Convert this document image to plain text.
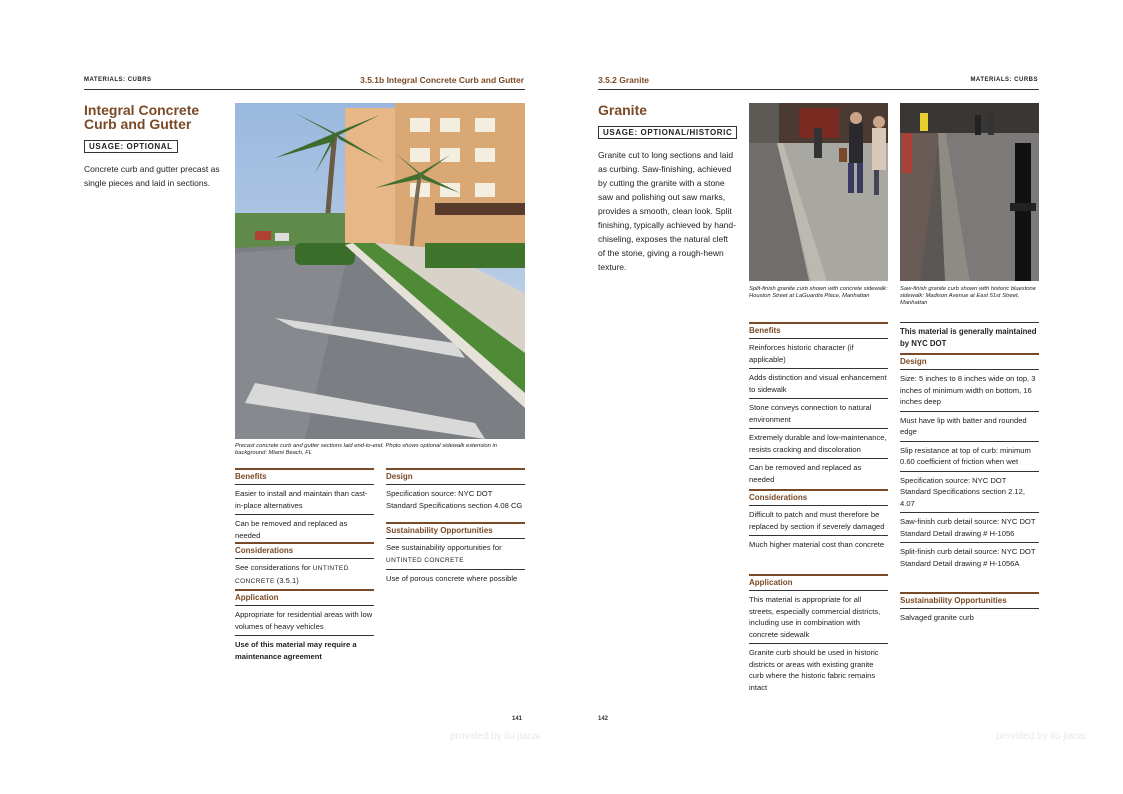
MATERIALS: CUBRS	3.5.1b Integral Concrete Curb and Gutter
Integral Concrete
Curb and Gutter
USAGE: OPTIONAL
Concrete curb and gutter precast as single pieces and laid in sections.
Precast concrete curb and gutter sections laid end-to-end. Photo shows optional sidewalk extension in background: Miami Beach, FL
Benefits
Easier to install and maintain than cast-in-place alternatives
Can be removed and replaced as needed
Considerations
See considerations for UNTINTED CONCRETE (3.5.1)
Application
Appropriate for residential areas with low volumes of heavy vehicles
Use of this material may require a maintenance agreement
Design
Specification source: NYC DOT Standard Specifications section 4.08 CG
Sustainability Opportunities
See sustainability opportunities for UNTINTED CONCRETE
Use of porous concrete where possible
141
provided by liu jiacai
3.5.2 Granite	MATERIALS: CURBS
Granite
USAGE: OPTIONAL/HISTORIC
Granite cut to long sections and laid as curbing. Saw-finishing, achieved by cutting the granite with a stone saw and polishing out saw marks, provides a smooth, clean look. Split finishing, typically achieved by hand-chiseling, exposes the natural cleft of the stone, giving a rough-hewn texture.
Split-finish granite curb shown with concrete sidewalk: Houston Street at LaGuardia Place, Manhattan
Saw-finish granite curb shown with historic bluestone sidewalk: Madison Avenue at East 51st Street, Manhattan
Benefits
Reinforces historic character (if applicable)
Adds distinction and visual enhancement to sidewalk
Stone conveys connection to natural environment
Extremely durable and low-maintenance, resists cracking and discoloration
Can be removed and replaced as needed
Considerations
Difficult to patch and must therefore be replaced by section if severely damaged
Much higher material cost than concrete
Application
This material is appropriate for all streets, especially commercial districts, including use in combination with concrete sidewalk
Granite curb should be used in historic districts or areas with existing granite curb where the historic fabric remains intact
This material is generally maintained by NYC DOT
Design
Size: 5 inches to 8 inches wide on top, 3 inches of minimum width on bottom, 16 inches deep
Must have lip with batter and rounded edge
Slip resistance at top of curb: minimum 0.60 coefficient of friction when wet
Specification source: NYC DOT Standard Specifications section 2.12, 4.07
Saw-finish curb detail source: NYC DOT Standard Detail drawing # H-1056
Split-finish curb detail source: NYC DOT Standard Detail drawing # H-1056A
Sustainability Opportunities
Salvaged granite curb
142
provided by liu jiacai
